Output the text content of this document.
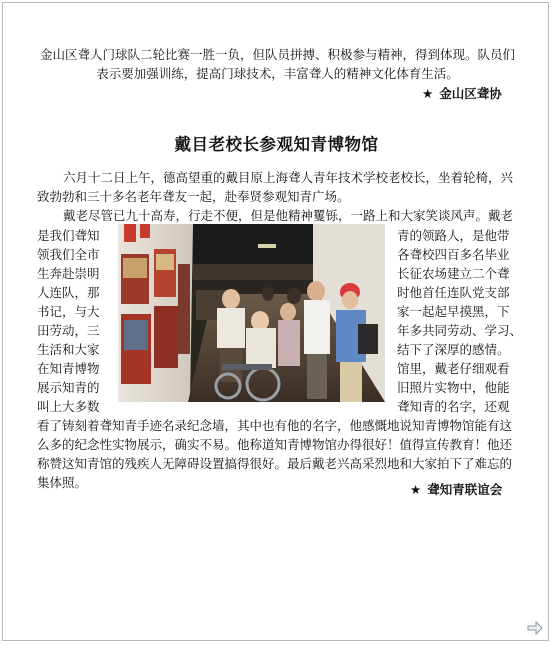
金山区聋人门球队二轮比赛一胜一负，但队员拼搏、积极参与精神，得到体现。队员们

表示要加强训练，提高门球技术，丰富聋人的精神文化体育生活。

★ 金山区聋协

戴目老校长参观知青博物馆

六月十二日上午，德高望重的戴目原上海聋人青年技术学校老校长，坐着轮椅，兴

致勃勃和三十多名老年聋友一起，赴奉贤参观知青广场。

戴老尽管已九十高寿，行走不便，但是他精神矍铄，一路上和大家笑谈风声。戴老

是我们聋知

领我们全市

生奔赴崇明

人连队，那

书记，与大

田劳动，三

生活和大家

在知青博物

展示知青的

叫上大多数

青的领路人，是他带

各聋校四百多名毕业

长征农场建立二个聋

时他首任连队党支部

家一起起早摸黑，下

年多共同劳动、学习、

结下了深厚的感情。

馆里，戴老仔细观看

旧照片实物中，他能

聋知青的名字，还观

看了铸刻着聋知青手迹名录纪念墙，其中也有他的名字，他感慨地说知青博物馆能有这

么多的纪念性实物展示，确实不易。他称道知青博物馆办得很好！值得宣传教育！他还

称赞这知青馆的残疾人无障碍设置搞得很好。最后戴老兴高采烈地和大家拍下了难忘的

集体照。	★ 聋知青联谊会
